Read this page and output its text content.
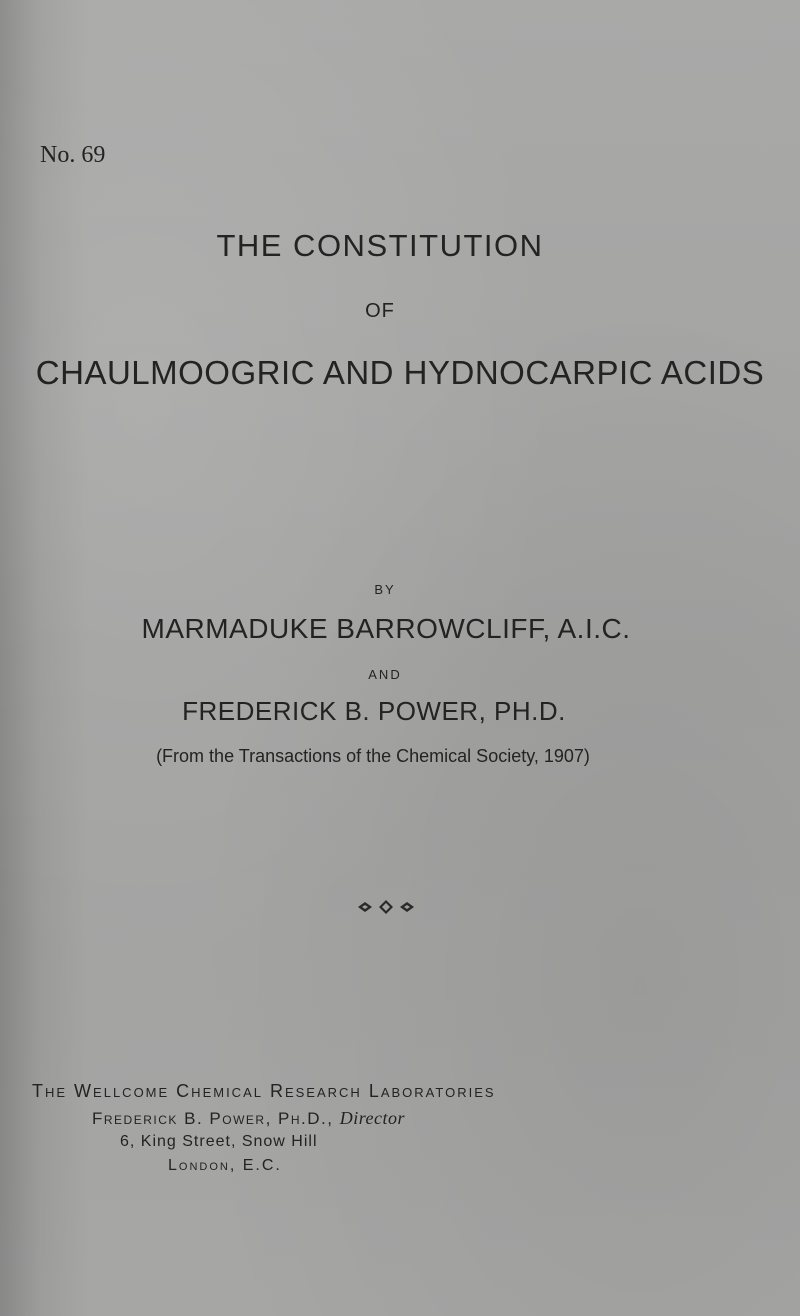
No. 69
THE CONSTITUTION
OF
CHAULMOOGRIC AND HYDNOCARPIC ACIDS
BY
MARMADUKE BARROWCLIFF, A.I.C.
AND
FREDERICK B. POWER, PH.D.
(From the Transactions of the Chemical Society, 1907)
The Wellcome Chemical Research Laboratories
Frederick B. Power, Ph.D., Director
6, King Street, Snow Hill
London, E.C.
